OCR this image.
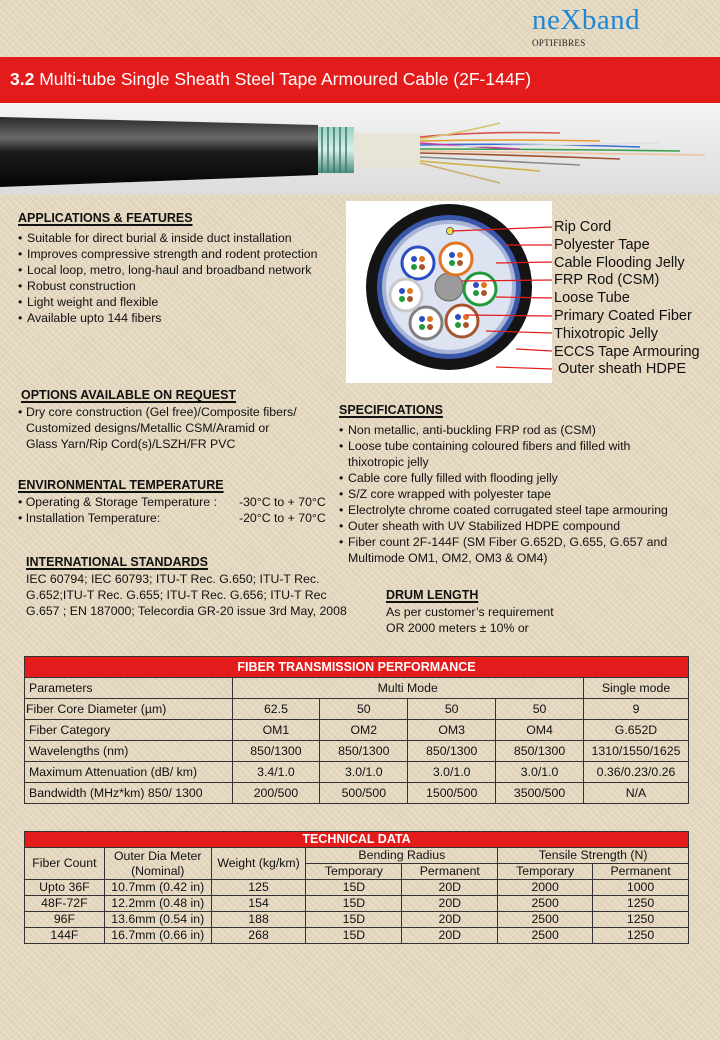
neXband
OPTIFIBRES
3.2 Multi-tube Single Sheath Steel Tape Armoured Cable (2F-144F)
APPLICATIONS & FEATURES
• Suitable for direct burial & inside duct installation
• Improves compressive strength and rodent protection
• Local loop, metro, long-haul and broadband network
• Robust construction
• Light weight and flexible
• Available upto 144 fibers
Rip Cord
Polyester Tape
Cable Flooding Jelly
FRP Rod (CSM)
Loose Tube
Primary Coated Fiber
Thixotropic Jelly
ECCS Tape Armouring
Outer sheath HDPE
OPTIONS AVAILABLE ON REQUEST
• Dry core construction (Gel free)/Composite fibers/
Customized designs/Metallic CSM/Aramid or
Glass Yarn/Rip Cord(s)/LSZH/FR PVC
SPECIFICATIONS
• Non metallic, anti-buckling FRP rod as (CSM)
• Loose tube containing coloured fibers and filled with thixotropic jelly
• Cable core fully filled with flooding jelly
• S/Z core wrapped with polyester tape
• Electrolyte chrome coated corrugated steel tape armouring
• Outer sheath with UV Stabilized HDPE compound
• Fiber count 2F-144F (SM Fiber G.652D, G.655, G.657 and Multimode OM1, OM2, OM3 & OM4)
ENVIRONMENTAL TEMPERATURE
• Operating & Storage Temperature : -30°C to + 70°C
• Installation Temperature:	-20°C to + 70°C
INTERNATIONAL STANDARDS
IEC 60794; IEC 60793; ITU-T Rec. G.650; ITU-T Rec.
G.652;ITU-T Rec. G.655; ITU-T Rec. G.656; ITU-T Rec
G.657 ; EN 187000; Telecordia GR-20 issue 3rd May, 2008
DRUM LENGTH
As per customer’s requirement
OR 2000 meters ± 10% or
FIBER TRANSMISSION PERFORMANCE					
Parameters	Multi Mode				Single mode
Fiber Core Diameter (µm)	62.5	50	50	50	9
Fiber Category	OM1	OM2	OM3	OM4	G.652D
Wavelengths (nm)	850/1300	850/1300	850/1300	850/1300	1310/1550/1625
Maximum Attenuation (dB/ km)	3.4/1.0	3.0/1.0	3.0/1.0	3.0/1.0	0.36/0.23/0.26
Bandwidth (MHz*km) 850/ 1300	200/500	500/500	1500/500	3500/500	N/A
TECHNICAL DATA						
Fiber Count	Outer Dia Meter (Nominal)	Weight (kg/km)	Bending Radius		Tensile Strength (N)	
			Temporary	Permanent	Temporary	Permanent
Upto 36F	10.7mm (0.42 in)	125	15D	20D	2000	1000
48F-72F	12.2mm (0.48 in)	154	15D	20D	2500	1250
96F	13.6mm (0.54 in)	188	15D	20D	2500	1250
144F	16.7mm (0.66 in)	268	15D	20D	2500	1250
